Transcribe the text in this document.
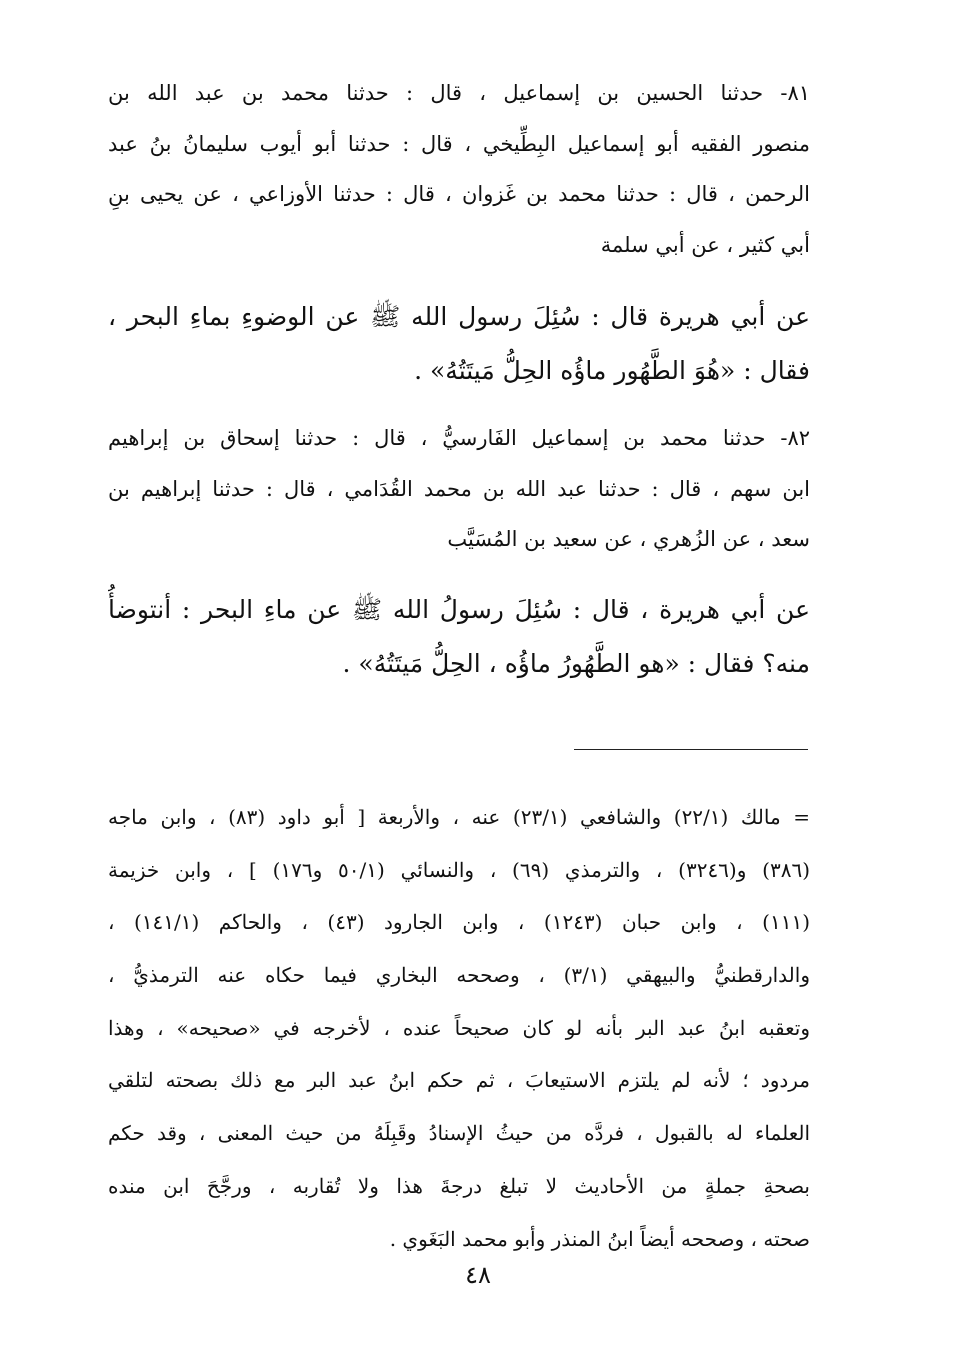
٨١- حدثنا الحسين بن إسماعيل ، قال : حدثنا محمد بن عبد الله بن
منصور الفقيه أبو إسماعيل البِطِّيخي ، قال : حدثنا أبو أيوب سليمانُ بنُ عبد
الرحمن ، قال : حدثنا محمد بن غَزوان ، قال : حدثنا الأوزاعي ، عن يحيى بنِ
أبي كثير ، عن أبي سلمة
عن أبي هريرة قال : سُئِلَ رسول الله ﷺ عن الوضوءِ بماءِ البحر ،
فقال : «هُوَ الطَّهُور ماؤُه الحِلُّ مَيتَتُهُ» .
٨٢- حدثنا محمد بن إسماعيل الفَارسيُّ ، قال : حدثنا إسحاق بن إبراهيم
ابن سهم ، قال : حدثنا عبد الله بن محمد القُدَامي ، قال : حدثنا إبراهيم بن
سعد ، عن الزُهري ، عن سعيد بن المُسَيَّب
عن أبي هريرة ، قال : سُئِلَ رسولُ الله ﷺ عن ماءِ البحر : أنتوضأُ
منه؟ فقال : «هو الطَّهُورُ ماؤُه ، الحِلُّ مَيتَتُهُ» .
= مالك (٢٢/١) والشافعي (٢٣/١) عنه ، والأربعة [ أبو داود (٨٣) ، وابن ماجه
(٣٨٦) و(٣٢٤٦) ، والترمذي (٦٩) ، والنسائي (٥٠/١ و١٧٦) ] ، وابن خزيمة
(١١١) ، وابن حبان (١٢٤٣) ، وابن الجارود (٤٣) ، والحاكم (١٤١/١) ،
والدارقطنيُّ والبيهقي (٣/١) ، وصححه البخاري فيما حكاه عنه الترمذيُّ ،
وتعقبه ابنُ عبد البر بأنه لو كان صحيحاً عنده ، لأخرجه في «صحيحه» ، وهذا
مردود ؛ لأنه لم يلتزم الاستيعابَ ، ثم حكم ابنُ عبد البر مع ذلك بصحته لتلقي
العلماء له بالقبول ، فردَّه من حيثُ الإسنادُ وقَبِلَهُ من حيث المعنى ، وقد حكم
بصحةِ جملةٍ من الأحاديث لا تبلغ درجةَ هذا ولا تُقاربه ، ورجَّحَ ابن منده
صحته ، وصححه أيضاً ابنُ المنذر وأبو محمد البَغَوي .
٤٨
